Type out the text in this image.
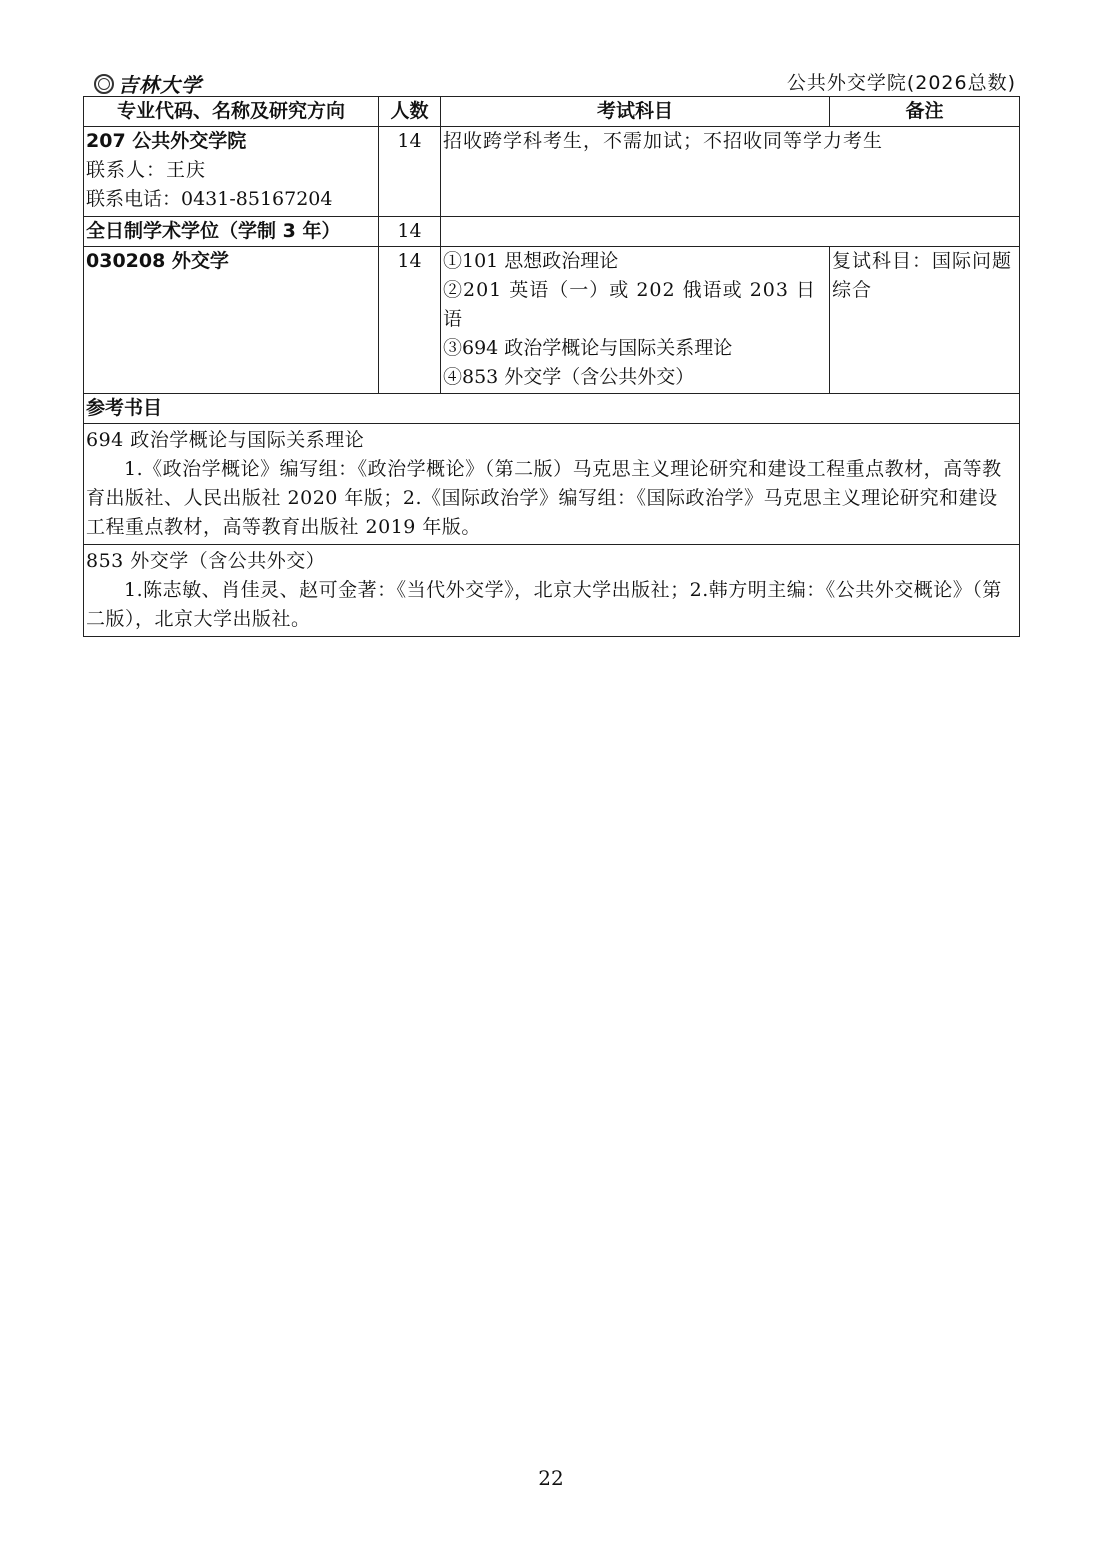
吉林大学	公共外交学院(2026总数)
专业代码、名称及研究方向	人数	考试科目	备注

207 公共外交学院
联系人：王庆
联系电话：0431-85167204	14	招收跨学科考生，不需加试；不招收同等学力考生	
全日制学术学位（学制 3 年）	14		
030208 外交学	14	①101 思想政治理论
②201 英语（一）或 202 俄语或 203 日语
③694 政治学概论与国际关系理论
④853 外交学（含公共外交）	复试科目：国际问题综合
参考书目			

694 政治学概论与国际关系理论
1.《政治学概论》编写组：《政治学概论》（第二版）马克思主义理论研究和建设工程重点教材，高等教育出版社、人民出版社 2020 年版；2.《国际政治学》编写组：《国际政治学》马克思主义理论研究和建设工程重点教材，高等教育出版社 2019 年版。			

853 外交学（含公共外交）
1.陈志敏、肖佳灵、赵可金著：《当代外交学》，北京大学出版社；2.韩方明主编：《公共外交概论》（第二版），北京大学出版社。			
22
